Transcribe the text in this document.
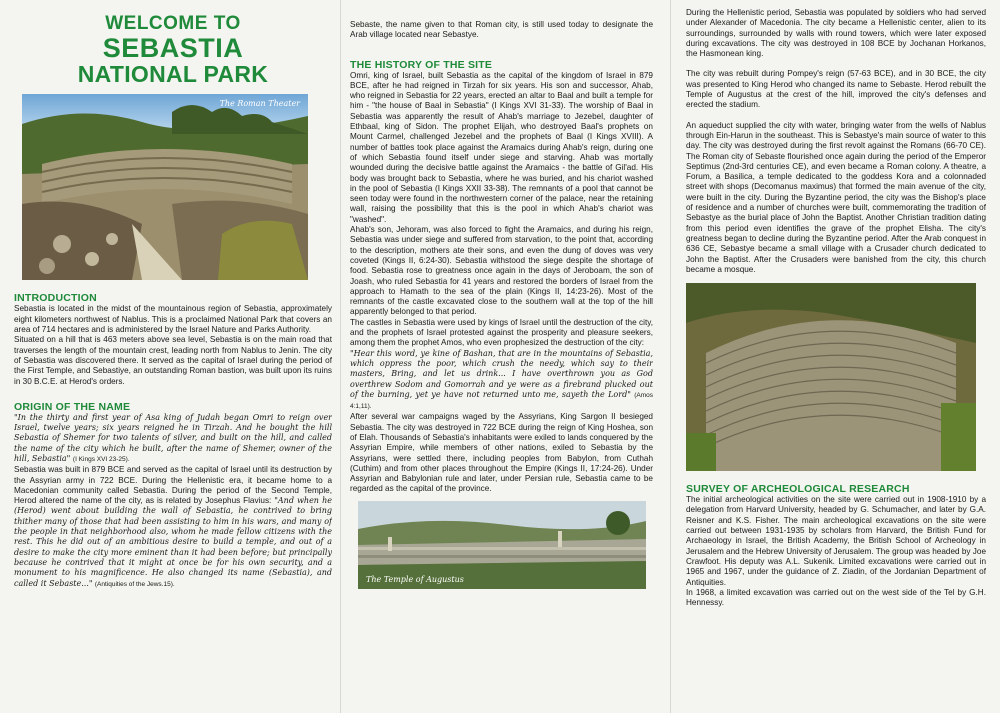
WELCOME TO
SEBASTIA
NATIONAL PARK
The Roman Theater
INTRODUCTION

Sebastia is located in the midst of the mountainous region of Sebastia, approximately eight kilometers northwest of Nablus. This is a proclaimed National Park that covers an area of 714 hectares and is administered by the Israel Nature and Parks Authority.

Situated on a hill that is 463 meters above sea level, Sebastia is on the main road that traverses the length of the mountain crest, leading north from Nablus to Jenin. The city of Sebastia was discovered there. It served as the capital of Israel during the period of the First Temple, and Sebastiye, an outstanding Roman bastion, was built upon its ruins in 30 B.C.E. at Herod's orders.

ORIGIN OF THE NAME

"In the thirty and first year of Asa king of Judah began Omri to reign over Israel, twelve years; six years reigned he in Tirzah. And he bought the hill Sebastia of Shemer for two talents of silver, and built on the hill, and called the name of the city which he built, after the name of Shemer, owner of the hill, Sebastia" (I Kings XVI 23-25).

Sebastia was built in 879 BCE and served as the capital of Israel until its destruction by the Assyrian army in 722 BCE. During the Hellenistic era, it became home to a Macedonian community called Sebastia. During the period of the Second Temple, Herod altered the name of the city, as is related by Josephus Flavius: "And when he (Herod) went about building the wall of Sebastia, he contrived to bring thither many of those that had been assisting to him in his wars, and many of the people in that neighborhood also, whom he made fellow citizens with the rest. This he did out of an ambitious desire to build a temple, and out of a desire to make the city more eminent than it had been before; but principally because he contrived that it might at once be for his own security, and a monument to his magnificence. He also changed its name (Sebastia), and called it Sebaste..." (Antiquities of the Jews.15).

Sebaste, the name given to that Roman city, is still used today to designate the Arab village located near Sebastye.

THE HISTORY OF THE SITE

Omri, king of Israel, built Sebastia as the capital of the kingdom of Israel in 879 BCE, after he had reigned in Tirzah for six years. His son and successor, Ahab, who reigned in Sebastia for 22 years, erected an altar to Baal and built a temple for him - "the house of Baal in Sebastia" (I Kings XVI 31-33). The worship of Baal in Sebastia was apparently the result of Ahab's marriage to Jezebel, daughter of Ethbaal, king of Sidon. The prophet Elijah, who destroyed Baal's prophets on Mount Carmel, challenged Jezebel and the prophets of Baal (I Kings XVIII). A number of battles took place against the Aramaics during Ahab's reign, during one of which Sebastia found itself under siege and starving. Ahab was mortally wounded during the decisive battle against the Aramaics - the battle of Gil'ad. His body was brought back to Sebastia, where he was buried, and his chariot washed in the pool of Sebastia (I Kings XXII 33-38). The remnants of a pool that cannot be seen today were found in the northwestern corner of the palace, near the retaining wall, raising the possibility that this is the pool in which Ahab's chariot was "washed".

Ahab's son, Jehoram, was also forced to fight the Aramaics, and during his reign, Sebastia was under siege and suffered from starvation, to the point that, according to the description, mothers ate their sons, and even the dung of doves was very coveted (Kings II, 6:24-30). Sebastia withstood the siege despite the shortage of food. Sebastia rose to greatness once again in the days of Jeroboam, the son of Joash, who ruled Sebastia for 41 years and restored the borders of Israel from the approach to Hamath to the sea of the plain (Kings II, 14:23-26). Most of the remnants of the castle excavated close to the southern wall at the top of the hill apparently belonged to that period.

The castles in Sebastia were used by kings of Israel until the destruction of the city, and the prophets of Israel protested against the prosperity and pleasure seekers, among them the prophet Amos, who even prophesized the destruction of the city:

"Hear this word, ye kine of Bashan, that are in the mountains of Sebastia, which oppress the poor, which crush the needy, which say to their masters, Bring, and let us drink... I have overthrown you as God overthrew Sodom and Gomorrah and ye were as a firebrand plucked out of the burning, yet ye have not returned unto me, sayeth the Lord" (Amos 4:1,11).

After several war campaigns waged by the Assyrians, King Sargon II besieged Sebastia. The city was destroyed in 722 BCE during the reign of King Hoshea, son of Elah. Thousands of Sebastia's inhabitants were exiled to lands conquered by the Assyrian Empire, while members of other nations, exiled to Sebastia by the Assyrians, were settled there, including peoples from Babylon, from Cuthah (Cuthim) and from other places throughout the Empire (Kings II, 17:24-26). Under Assyrian and Babylonian rule and later, under Persian rule, Sebastia came to be regarded as the capital of the province.

The Temple of Augustus

During the Hellenistic period, Sebastia was populated by soldiers who had served under Alexander of Macedonia. The city became a Hellenistic center, alien to its surroundings, surrounded by walls with round towers, which were later exposed during excavations. The city was destroyed in 108 BCE by Jochanan Horkanos, the Hasmonean king.

The city was rebuilt during Pompey's reign (57-63 BCE), and in 30 BCE, the city was presented to King Herod who changed its name to Sebaste. Herod rebuilt the Temple of Augustus at the crest of the hill, improved the city's defenses and erected the stadium.

An aqueduct supplied the city with water, bringing water from the wells of Nablus through Ein-Harun in the southeast. This is Sebastye's main source of water to this day. The city was destroyed during the first revolt against the Romans (66-70 CE). The Roman city of Sebaste flourished once again during the period of the Emperor Septimus (2nd-3rd centuries CE), and even became a Roman colony. A theatre, a Forum, a Basilica, a temple dedicated to the goddess Kora and a colonnaded street with shops (Decomanus maximus) that formed the main avenue of the city, were built in the city. During the Byzantine period, the city was the Bishop's place of residence and a number of churches were built, commemorating the tradition of Sebastye as the burial place of John the Baptist. Another Christian tradition dating from this period even identifies the grave of the prophet Elisha. The city's greatness began to decline during the Byzantine period. After the Arab conquest in 636 CE, Sebastye became a small village with a Crusader church dedicated to John the Baptist. After the Crusaders were banished from the city, this church became a mosque.

SURVEY OF ARCHEOLOGICAL RESEARCH

The initial archeological activities on the site were carried out in 1908-1910 by a delegation from Harvard University, headed by G. Schumacher, and later by G.A. Reisner and K.S. Fisher. The main archeological excavations on the site were carried out between 1931-1935 by scholars from Harvard, the British Fund for Archaeology in Israel, the British Academy, the British School of Archeology in Jerusalem and the Hebrew University of Jerusalem. The group was headed by Joe Crawfoot. His deputy was A.L. Sukenik. Limited excavations were carried out in 1965 and 1967, under the guidance of Z. Ziadin, of the Jordanian Department of Antiquities.

In 1968, a limited excavation was carried out on the west side of the Tel by G.H. Hennessy.
